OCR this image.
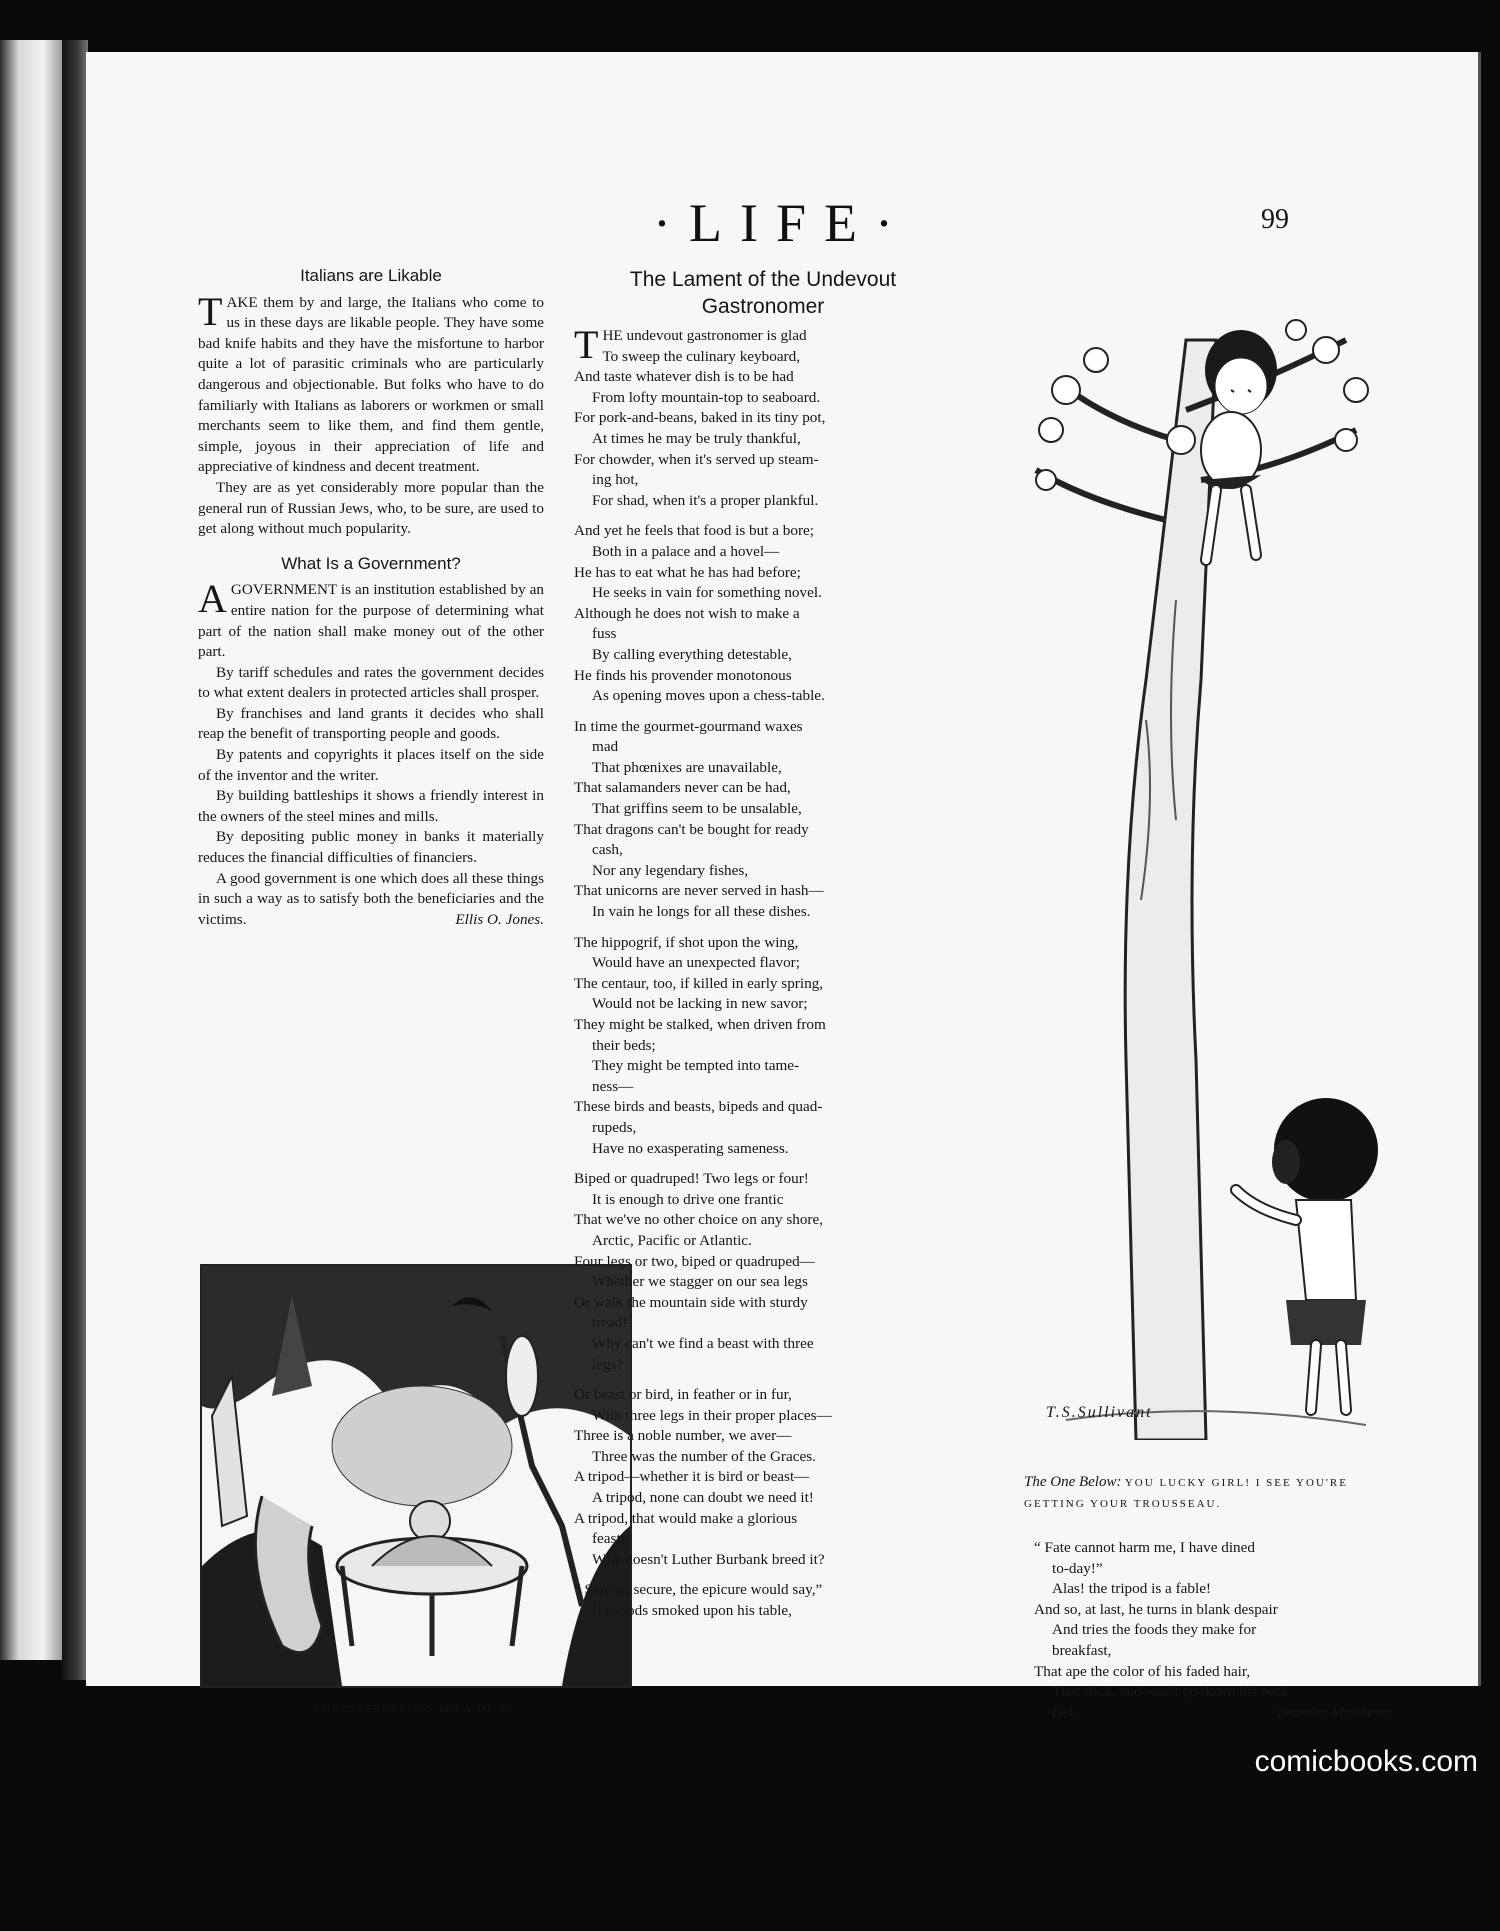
·LIFE·	99
Italians are Likable

TAKE them by and large, the Italians who come to us in these days are likable people. They have some bad knife habits and they have the misfortune to harbor quite a lot of parasitic criminals who are particularly dangerous and objectionable. But folks who have to do familiarly with Italians as laborers or workmen or small merchants seem to like them, and find them gentle, simple, joyous in their appreciation of life and appreciative of kindness and decent treatment.

They are as yet considerably more popular than the general run of Russian Jews, who, to be sure, are used to get along without much popularity.

What Is a Government?

AGOVERNMENT is an institution established by an entire nation for the purpose of determining what part of the nation shall make money out of the other part.

By tariff schedules and rates the government decides to what extent dealers in protected articles shall prosper.

By franchises and land grants it decides who shall reap the benefit of transporting people and goods.

By patents and copyrights it places itself on the side of the inventor and the writer.

By building battleships it shows a friendly interest in the owners of the steel mines and mills.

By depositing public money in banks it materially reduces the financial difficulties of financiers.

A good government is one which does all these things in such a way as to satisfy both the beneficiaries and the victims.	Ellis O. Jones.

THE DYSPEPTIC'S IDEA OF IT
The Lament of the Undevout Gastronomer

THE undevout gastronomer is glad

To sweep the culinary keyboard,

And taste whatever dish is to be had

From lofty mountain-top to seaboard.

For pork-and-beans, baked in its tiny pot,

At times he may be truly thankful,

For chowder, when it's served up steam-

ing hot,

For shad, when it's a proper plankful.

And yet he feels that food is but a bore;

Both in a palace and a hovel—

He has to eat what he has had before;

He seeks in vain for something novel.

Although he does not wish to make a

fuss

By calling everything detestable,

He finds his provender monotonous

As opening moves upon a chess-table.

In time the gourmet-gourmand waxes

mad

That phœnixes are unavailable,

That salamanders never can be had,

That griffins seem to be unsalable,

That dragons can't be bought for ready

cash,

Nor any legendary fishes,

That unicorns are never served in hash—

In vain he longs for all these dishes.

The hippogrif, if shot upon the wing,

Would have an unexpected flavor;

The centaur, too, if killed in early spring,

Would not be lacking in new savor;

They might be stalked, when driven from

their beds;

They might be tempted into tame-

ness—

These birds and beasts, bipeds and quad-

rupeds,

Have no exasperating sameness.

Biped or quadruped! Two legs or four!

It is enough to drive one frantic

That we've no other choice on any shore,

Arctic, Pacific or Atlantic.

Four legs or two, biped or quadruped—

Whether we stagger on our sea legs

Or walk the mountain side with sturdy

tread!

Why can't we find a beast with three

legs?

Or beast or bird, in feather or in fur,

With three legs in their proper places—

Three is a noble number, we aver—

Three was the number of the Graces.

A tripod—whether it is bird or beast—

A tripod, none can doubt we need it!

A tripod, that would make a glorious

feast!

Why doesn't Luther Burbank breed it?

“ Serene, secure, the epicure would say,”

If tripods smoked upon his table,

T.S.Sullivant
The One Below: YOU LUCKY GIRL! I SEE YOU'RE GETTING YOUR TROUSSEAU.

“ Fate cannot harm me, I have dined

to-day!”

Alas! the tripod is a fable!

And so, at last, he turns in blank despair

And tries the foods they make for

breakfast,

That ape the color of his faded hair,

That stick, and won't go down his neck

fast.	Brander Matthews.
comicbooks.com
